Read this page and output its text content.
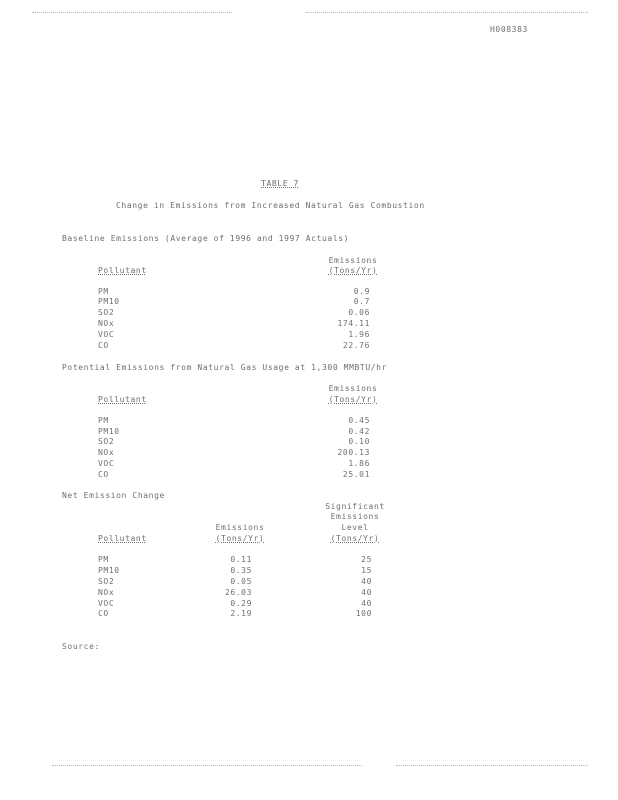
H008383
TABLE 7
Change in Emissions from Increased Natural Gas Combustion
Baseline Emissions (Average of 1996 and 1997 Actuals)
Emissions
Pollutant	(Tons/Yr)
PM	0.9
PM10	0.7
SO2	0.06
NOx	174.11
VOC	1.96
CO	22.76
Potential Emissions from Natural Gas Usage at 1,300 MMBTU/hr
Emissions
Pollutant	(Tons/Yr)
PM	0.45
PM10	0.42
SO2	0.10
NOx	200.13
VOC	1.86
CO	25.01
Net Emission Change
Significant
Emissions
Emissions	Level
Pollutant	(Tons/Yr)	(Tons/Yr)
PM	0.11	25
PM10	0.35	15
SO2	0.05	40
NOx	26.03	40
VOC	0.29	40
CO	2.19	100
Source:
